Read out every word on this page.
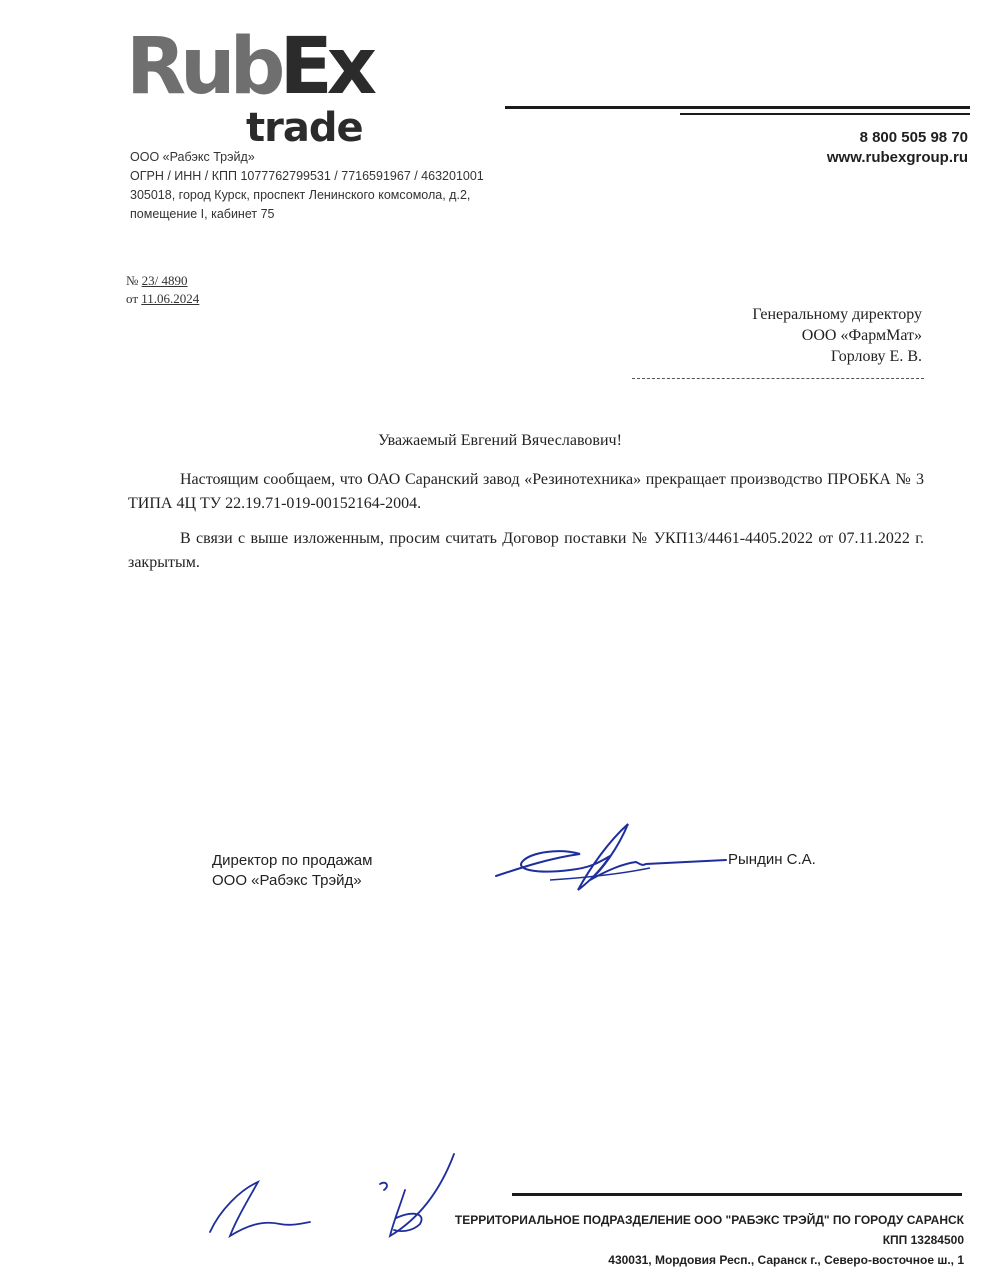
RubEx
trade
ООО «Рабэкс Трэйд»
ОГРН / ИНН / КПП 1077762799531 / 7716591967 / 463201001
305018, город Курск, проспект Ленинского комсомола, д.2,
помещение I, кабинет 75
8 800 505 98 70
www.rubexgroup.ru
№ 23/ 4890
от 11.06.2024
Генеральному директору
ООО «ФармМат»
Горлову Е. В.
Уважаемый Евгений Вячеславович!
Настоящим сообщаем, что ОАО Саранский завод «Резинотехника» прекращает производство ПРОБКА № 3 ТИПА 4Ц ТУ 22.19.71-019-00152164-2004.
В связи с выше изложенным, просим считать Договор поставки № УКП13/4461-4405.2022 от 07.11.2022 г. закрытым.
Директор по продажам
ООО «Рабэкс Трэйд»
Рындин С.А.
ТЕРРИТОРИАЛЬНОЕ ПОДРАЗДЕЛЕНИЕ ООО "РАБЭКС ТРЭЙД" ПО ГОРОДУ САРАНСК
КПП 13284500
430031, Мордовия Респ., Саранск г., Северо-восточное ш., 1
